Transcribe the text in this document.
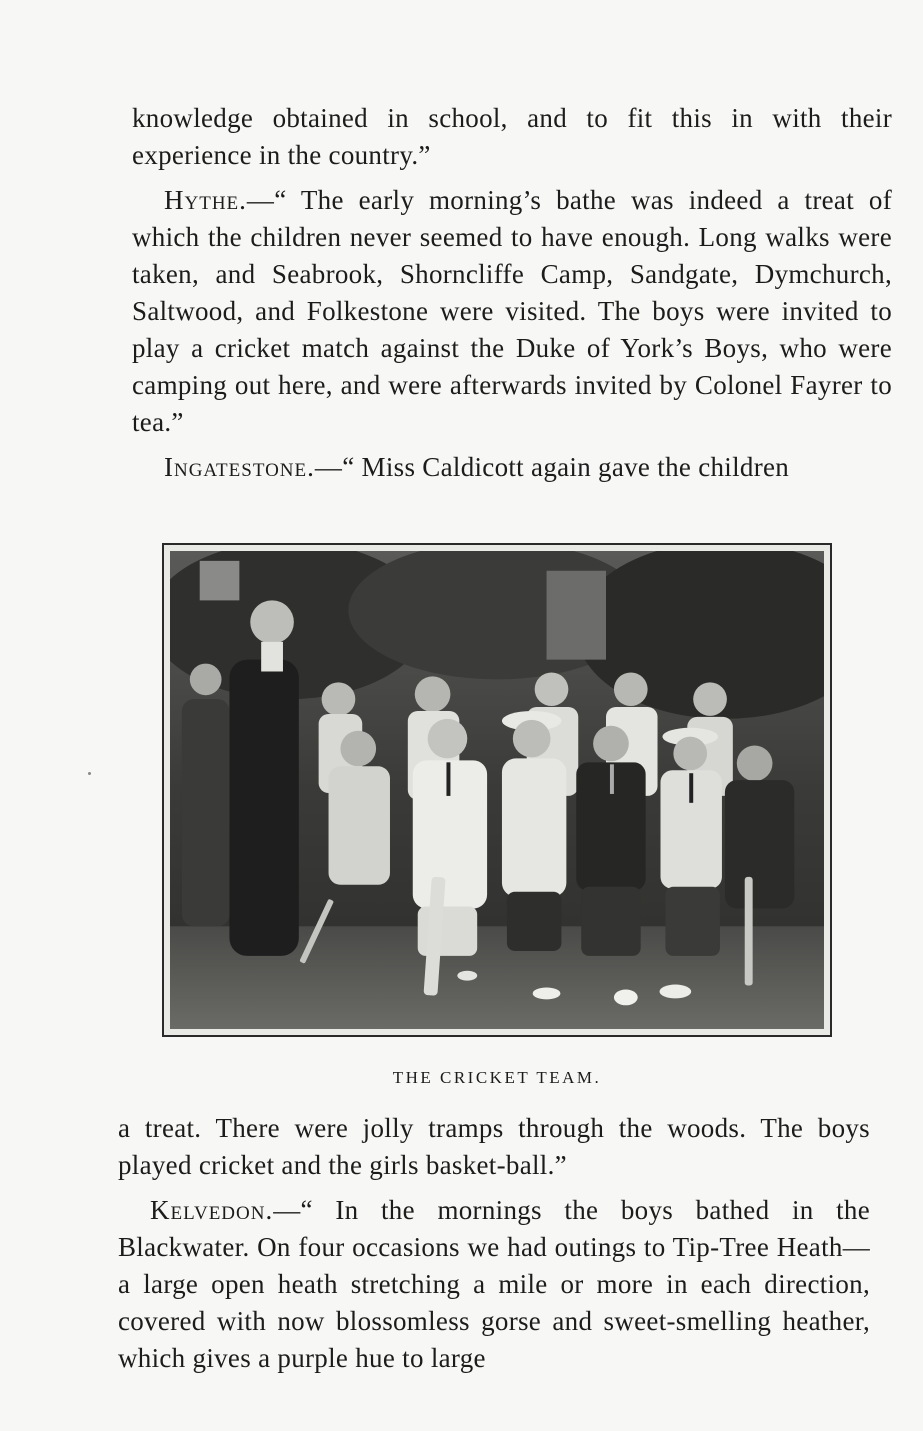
knowledge obtained in school, and to fit this in with their experience in the country.”

Hythe.—“ The early morning’s bathe was indeed a treat of which the children never seemed to have enough. Long walks were taken, and Seabrook, Shorncliffe Camp, Sandgate, Dymchurch, Saltwood, and Folkestone were visited. The boys were invited to play a cricket match against the Duke of York’s Boys, who were camping out here, and were afterwards invited by Colonel Fayrer to tea.”

Ingatestone.—“ Miss Caldicott again gave the children

THE CRICKET TEAM.

a treat. There were jolly tramps through the woods. The boys played cricket and the girls basket-ball.”

Kelvedon.—“ In the mornings the boys bathed in the Blackwater. On four occasions we had outings to Tip-Tree Heath—a large open heath stretching a mile or more in each direction, covered with now blossomless gorse and sweet-smelling heather, which gives a purple hue to large
